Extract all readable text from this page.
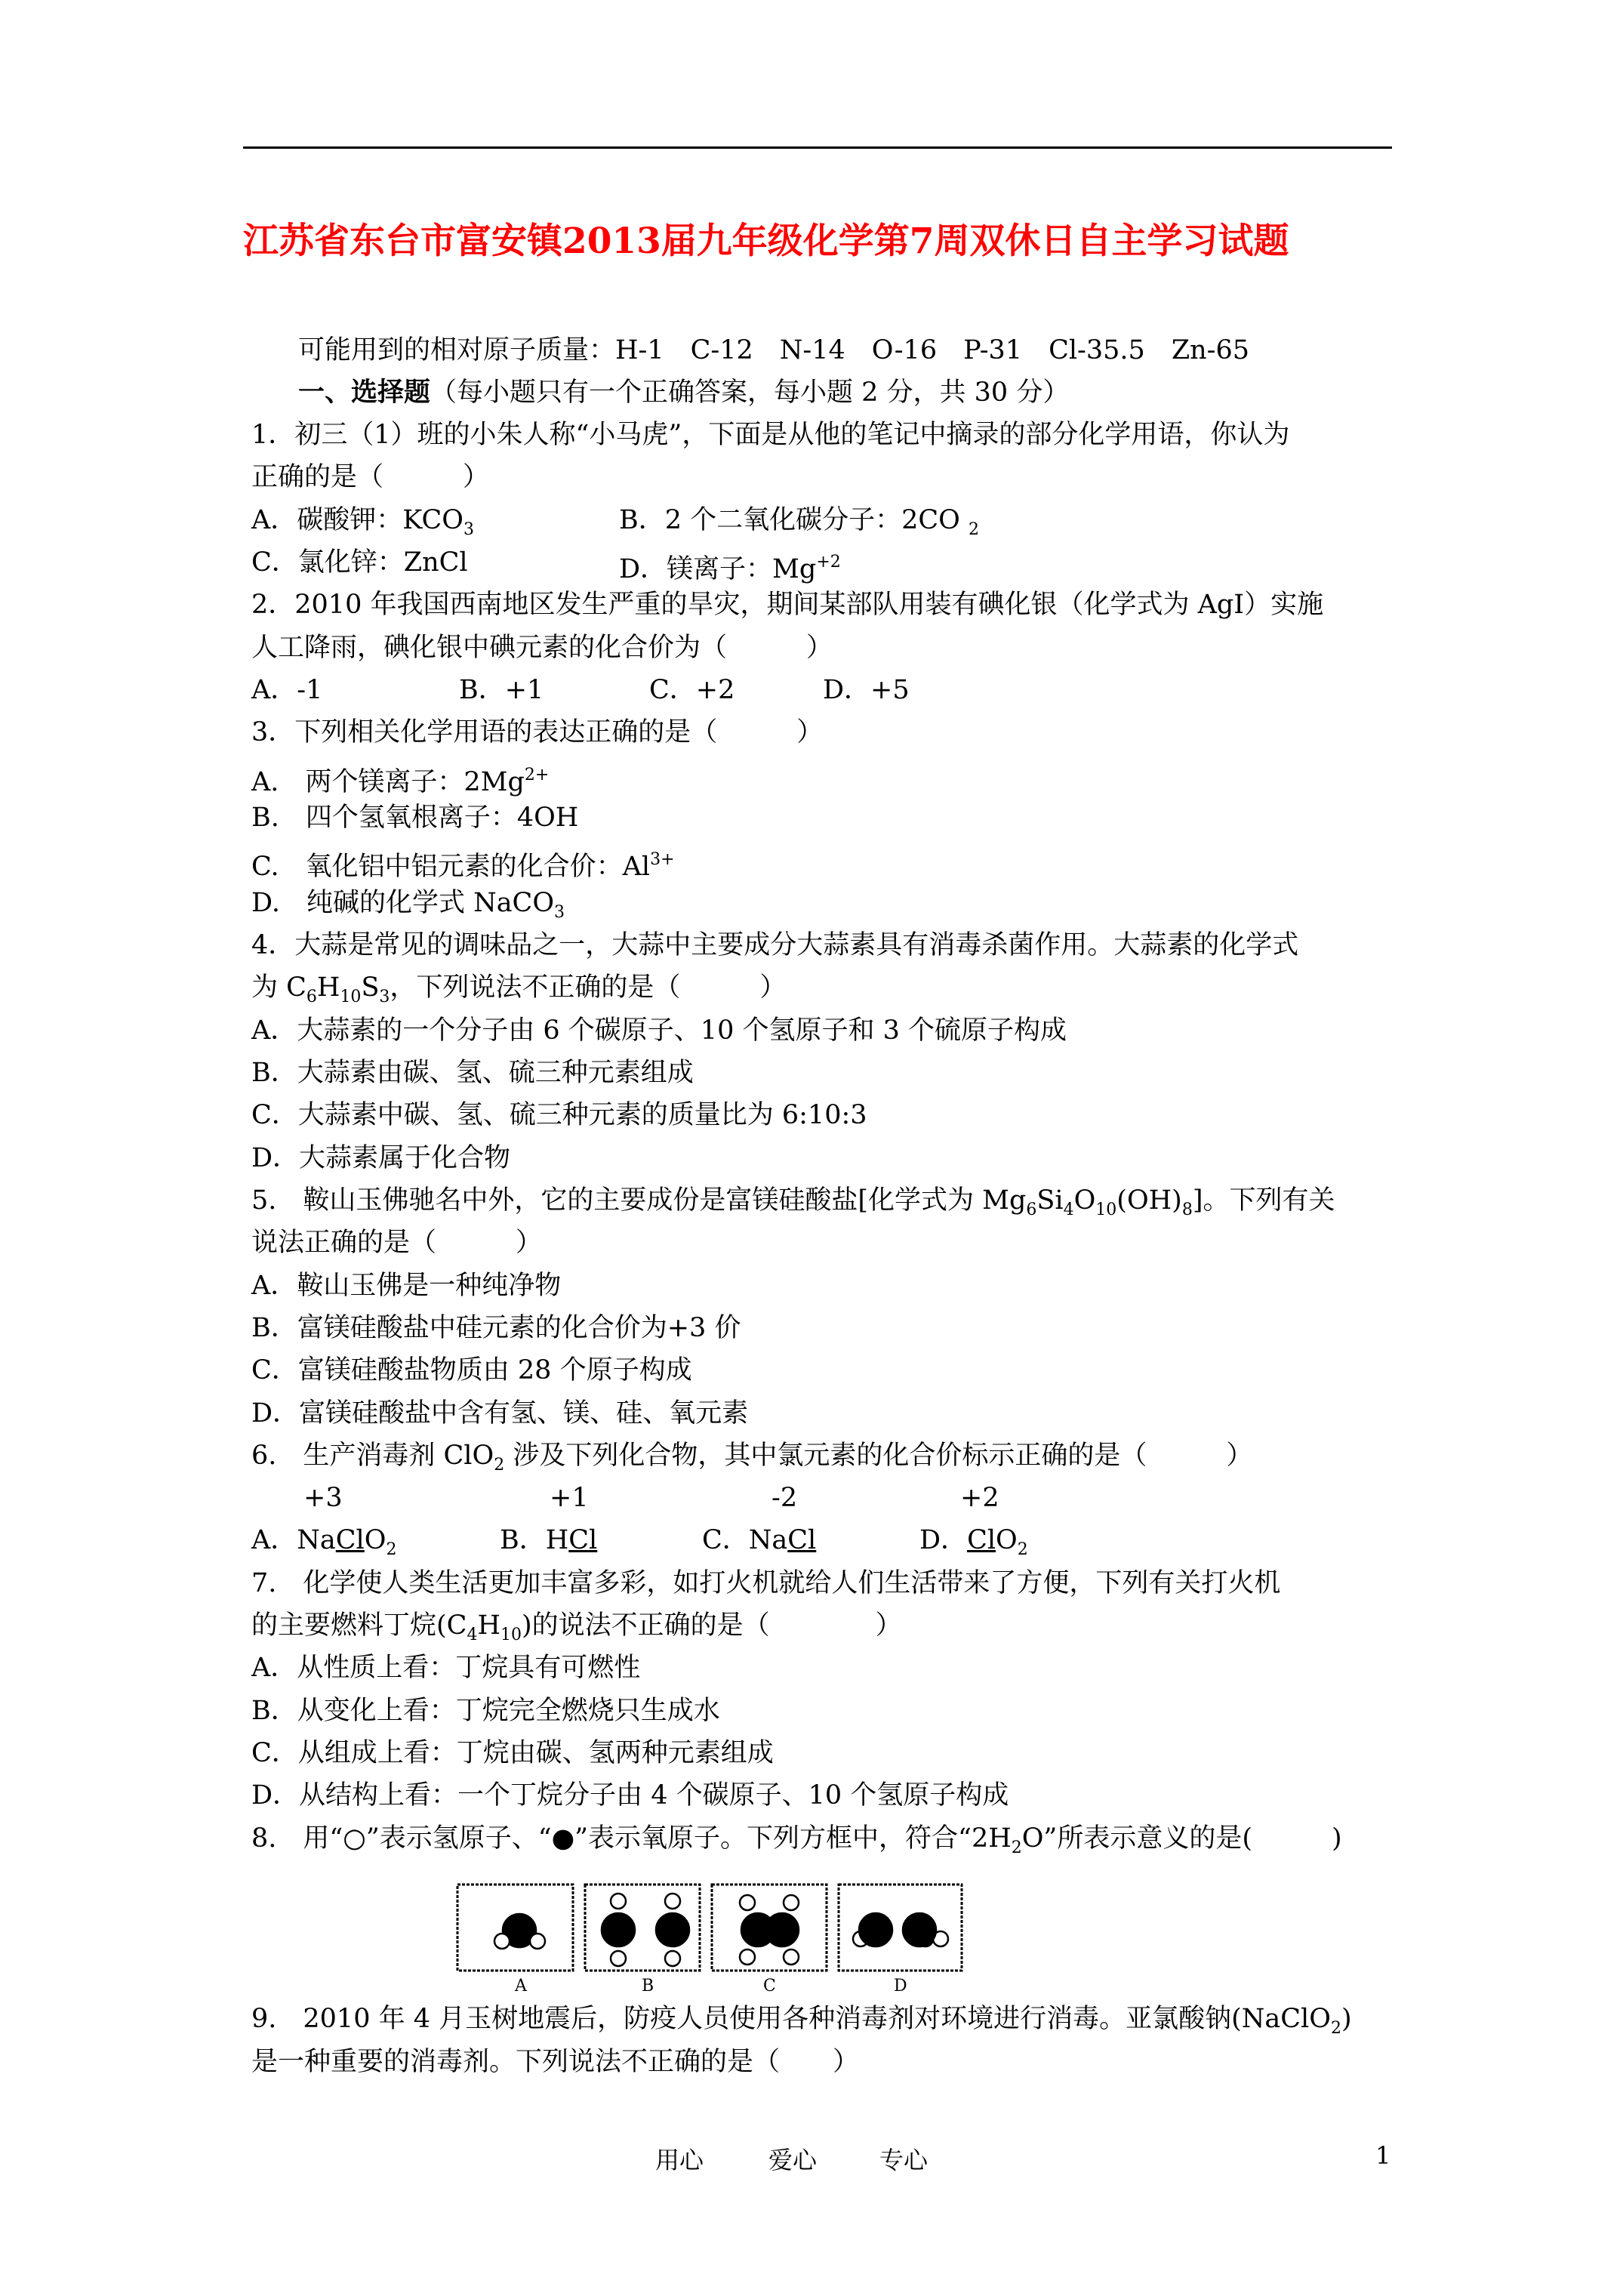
江苏省东台市富安镇2013届九年级化学第7周双休日自主学习试题
可能用到的相对原子质量：H-1　C-12　N-14　O-16　P-31　Cl-35.5　Zn-65
一、选择题（每小题只有一个正确答案，每小题 2 分，共 30 分）
1．初三（1）班的小朱人称“小马虎”，下面是从他的笔记中摘录的部分化学用语，你认为
正确的是（　　　）
A．碳酸钾：$KCO_3$	B．2 个二氧化碳分子：2CO $_2$
C．氯化锌：ZnCl	D．镁离子：$Mg^{+2}$
2．2010 年我国西南地区发生严重的旱灾，期间某部队用装有碘化银（化学式为 AgI）实施
人工降雨，碘化银中碘元素的化合价为（　　　）
A．-1	B．+1	C．+2	D．+5
3．下列相关化学用语的表达正确的是（　　　）
A.　两个镁离子：$2Mg^{2+}$
B.　四个氢氧根离子：4OH
C.　氧化铝中铝元素的化合价：$Al^{3+}$
D.　纯碱的化学式 NaCO$_3$
4．大蒜是常见的调味品之一，大蒜中主要成分大蒜素具有消毒杀菌作用。大蒜素的化学式
为 $C_6H_{10}S_3$，下列说法不正确的是（　　　）
A．大蒜素的一个分子由 6 个碳原子、10 个氢原子和 3 个硫原子构成
B．大蒜素由碳、氢、硫三种元素组成
C．大蒜素中碳、氢、硫三种元素的质量比为 6:10:3
D．大蒜素属于化合物
5.　鞍山玉佛驰名中外，它的主要成份是富镁硅酸盐[化学式为 $Mg_6Si_4O_{10}(OH)_8$]。下列有关
说法正确的是（　　　）
A．鞍山玉佛是一种纯净物
B．富镁硅酸盐中硅元素的化合价为+3 价
C．富镁硅酸盐物质由 28 个原子构成
D．富镁硅酸盐中含有氢、镁、硅、氧元素
6.　生产消毒剂 ClO$_2$ 涉及下列化合物，其中氯元素的化合价标示正确的是（　　　）
+3	+1	-2	+2
A．NaClO$_2$	B．HCl	C．NaCl	D．ClO$_2$
7.　化学使人类生活更加丰富多彩，如打火机就给人们生活带来了方便，下列有关打火机
的主要燃料丁烷$(C_4H_{10})$的说法不正确的是（　　　　）
A．从性质上看：丁烷具有可燃性
B．从变化上看：丁烷完全燃烧只生成水
C．从组成上看：丁烷由碳、氢两种元素组成
D．从结构上看：一个丁烷分子由 4 个碳原子、10 个氢原子构成
8.　用“○”表示氢原子、“●”表示氧原子。下列方框中，符合“$2H_2O$”所表示意义的是(　　　)
A	B	C	D
9.　2010 年 4 月玉树地震后，防疫人员使用各种消毒剂对环境进行消毒。亚氯酸钠(NaClO$_2$)
是一种重要的消毒剂。下列说法不正确的是（　　）
用心	爱心	专心	1
